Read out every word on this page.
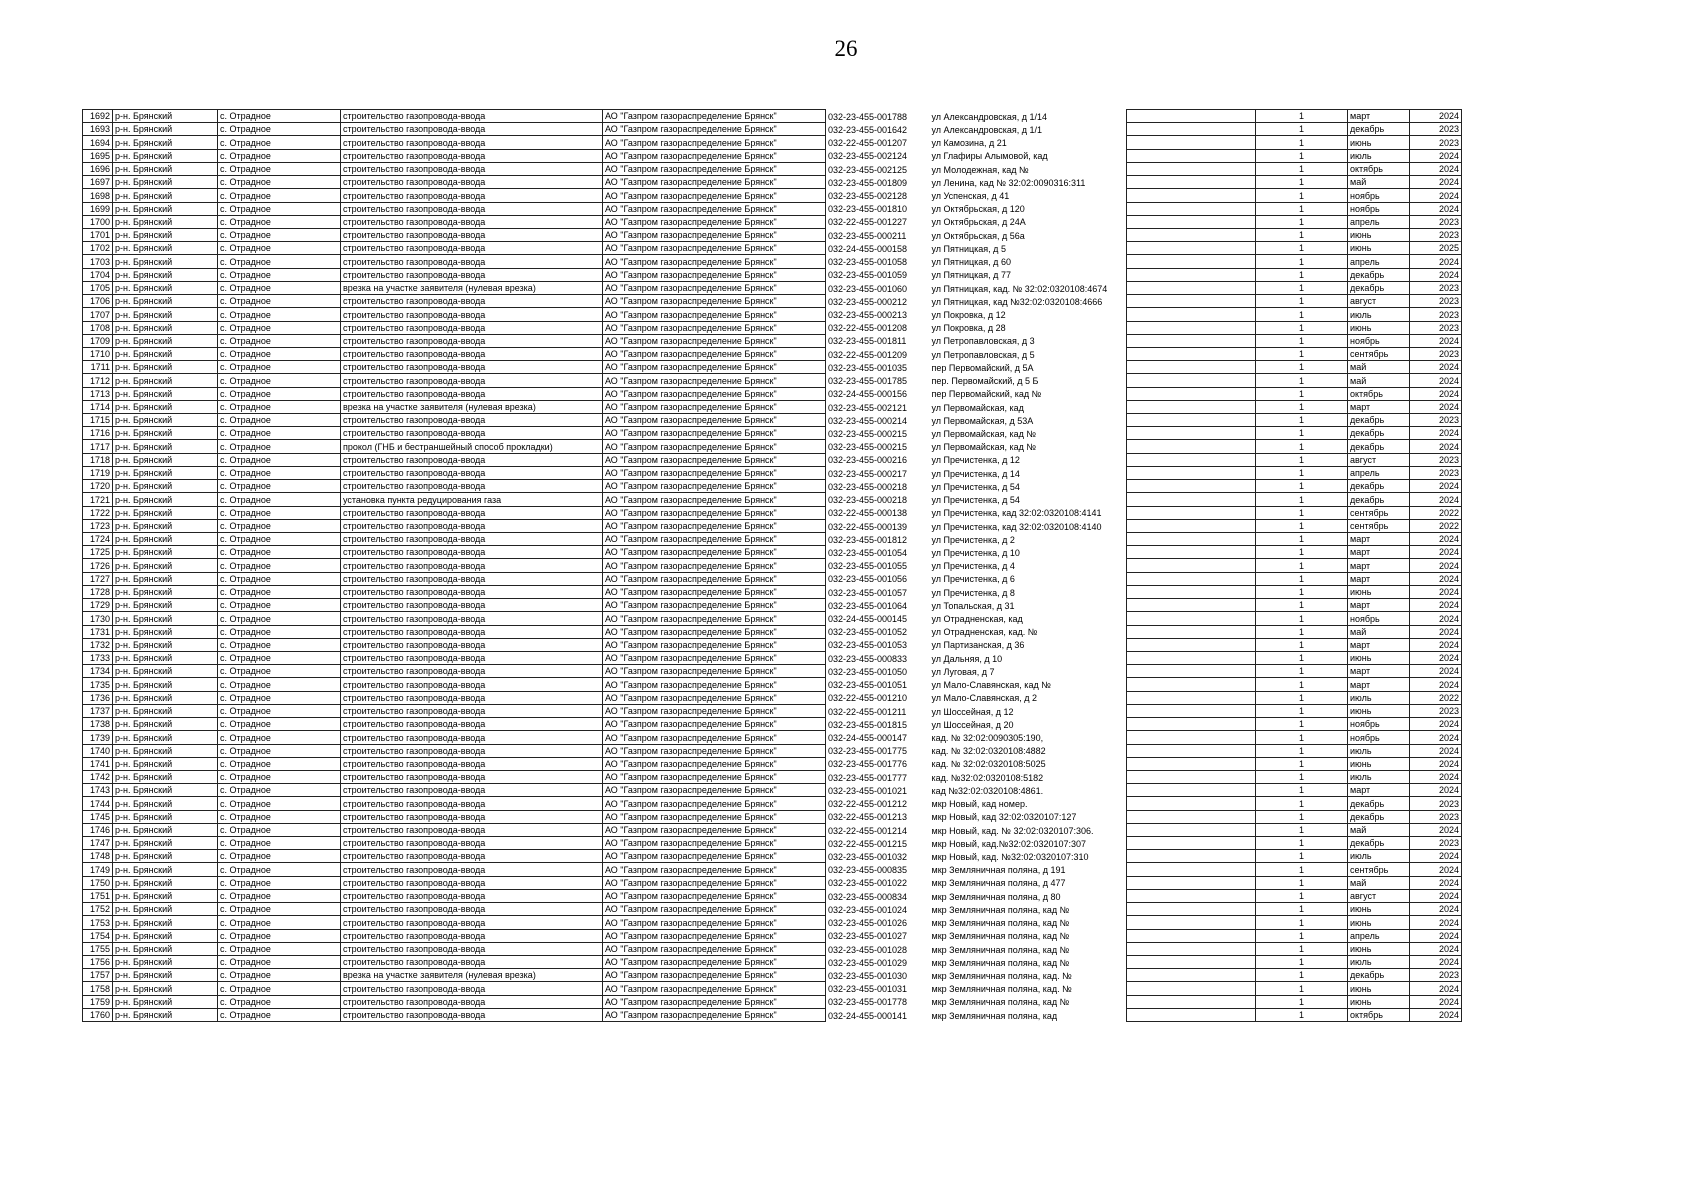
26
1692	р-н. Брянский	с. Отрадное	строительство газопровода-ввода	АО "Газпром газораспределение Брянск"	032-23-455-001788	ул Александровская, д 1/14		1	март	2024
1693	р-н. Брянский	с. Отрадное	строительство газопровода-ввода	АО "Газпром газораспределение Брянск"	032-23-455-001642	ул Александровская, д 1/1		1	декабрь	2023
1694	р-н. Брянский	с. Отрадное	строительство газопровода-ввода	АО "Газпром газораспределение Брянск"	032-22-455-001207	ул Камозина, д 21		1	июнь	2023
1695	р-н. Брянский	с. Отрадное	строительство газопровода-ввода	АО "Газпром газораспределение Брянск"	032-23-455-002124	ул Глафиры Алымовой, кад		1	июль	2024
1696	р-н. Брянский	с. Отрадное	строительство газопровода-ввода	АО "Газпром газораспределение Брянск"	032-23-455-002125	ул Молодежная, кад №		1	октябрь	2024
1697	р-н. Брянский	с. Отрадное	строительство газопровода-ввода	АО "Газпром газораспределение Брянск"	032-23-455-001809	ул Ленина, кад № 32:02:0090316:311		1	май	2024
1698	р-н. Брянский	с. Отрадное	строительство газопровода-ввода	АО "Газпром газораспределение Брянск"	032-23-455-002128	ул Успенская, д 41		1	ноябрь	2024
1699	р-н. Брянский	с. Отрадное	строительство газопровода-ввода	АО "Газпром газораспределение Брянск"	032-23-455-001810	ул Октябрьская, д 120		1	ноябрь	2024
1700	р-н. Брянский	с. Отрадное	строительство газопровода-ввода	АО "Газпром газораспределение Брянск"	032-22-455-001227	ул Октябрьская, д 24А		1	апрель	2023
1701	р-н. Брянский	с. Отрадное	строительство газопровода-ввода	АО "Газпром газораспределение Брянск"	032-23-455-000211	ул Октябрьская, д 56а		1	июнь	2023
1702	р-н. Брянский	с. Отрадное	строительство газопровода-ввода	АО "Газпром газораспределение Брянск"	032-24-455-000158	ул Пятницкая, д 5		1	июнь	2025
1703	р-н. Брянский	с. Отрадное	строительство газопровода-ввода	АО "Газпром газораспределение Брянск"	032-23-455-001058	ул Пятницкая, д 60		1	апрель	2024
1704	р-н. Брянский	с. Отрадное	строительство газопровода-ввода	АО "Газпром газораспределение Брянск"	032-23-455-001059	ул Пятницкая, д 77		1	декабрь	2024
1705	р-н. Брянский	с. Отрадное	врезка на участке заявителя (нулевая врезка)	АО "Газпром газораспределение Брянск"	032-23-455-001060	ул Пятницкая, кад. № 32:02:0320108:4674		1	декабрь	2023
1706	р-н. Брянский	с. Отрадное	строительство газопровода-ввода	АО "Газпром газораспределение Брянск"	032-23-455-000212	ул Пятницкая, кад №32:02:0320108:4666		1	август	2023
1707	р-н. Брянский	с. Отрадное	строительство газопровода-ввода	АО "Газпром газораспределение Брянск"	032-23-455-000213	ул Покровка, д 12		1	июль	2023
1708	р-н. Брянский	с. Отрадное	строительство газопровода-ввода	АО "Газпром газораспределение Брянск"	032-22-455-001208	ул Покровка, д 28		1	июнь	2023
1709	р-н. Брянский	с. Отрадное	строительство газопровода-ввода	АО "Газпром газораспределение Брянск"	032-23-455-001811	ул Петропавловская, д 3		1	ноябрь	2024
1710	р-н. Брянский	с. Отрадное	строительство газопровода-ввода	АО "Газпром газораспределение Брянск"	032-22-455-001209	ул Петропавловская, д 5		1	сентябрь	2023
1711	р-н. Брянский	с. Отрадное	строительство газопровода-ввода	АО "Газпром газораспределение Брянск"	032-23-455-001035	пер Первомайский, д 5А		1	май	2024
1712	р-н. Брянский	с. Отрадное	строительство газопровода-ввода	АО "Газпром газораспределение Брянск"	032-23-455-001785	пер. Первомайский, д 5 Б		1	май	2024
1713	р-н. Брянский	с. Отрадное	строительство газопровода-ввода	АО "Газпром газораспределение Брянск"	032-24-455-000156	пер Первомайский, кад №		1	октябрь	2024
1714	р-н. Брянский	с. Отрадное	врезка на участке заявителя (нулевая врезка)	АО "Газпром газораспределение Брянск"	032-23-455-002121	ул Первомайская, кад		1	март	2024
1715	р-н. Брянский	с. Отрадное	строительство газопровода-ввода	АО "Газпром газораспределение Брянск"	032-23-455-000214	ул Первомайская, д 53А		1	декабрь	2023
1716	р-н. Брянский	с. Отрадное	строительство газопровода-ввода	АО "Газпром газораспределение Брянск"	032-23-455-000215	ул Первомайская, кад №		1	декабрь	2024
1717	р-н. Брянский	с. Отрадное	прокол (ГНБ и бестраншейный способ прокладки)	АО "Газпром газораспределение Брянск"	032-23-455-000215	ул Первомайская, кад №		1	декабрь	2024
1718	р-н. Брянский	с. Отрадное	строительство газопровода-ввода	АО "Газпром газораспределение Брянск"	032-23-455-000216	ул Пречистенка, д 12		1	август	2023
1719	р-н. Брянский	с. Отрадное	строительство газопровода-ввода	АО "Газпром газораспределение Брянск"	032-23-455-000217	ул Пречистенка, д 14		1	апрель	2023
1720	р-н. Брянский	с. Отрадное	строительство газопровода-ввода	АО "Газпром газораспределение Брянск"	032-23-455-000218	ул Пречистенка, д 54		1	декабрь	2024
1721	р-н. Брянский	с. Отрадное	установка пункта редуцирования газа	АО "Газпром газораспределение Брянск"	032-23-455-000218	ул Пречистенка, д 54		1	декабрь	2024
1722	р-н. Брянский	с. Отрадное	строительство газопровода-ввода	АО "Газпром газораспределение Брянск"	032-22-455-000138	ул Пречистенка, кад 32:02:0320108:4141		1	сентябрь	2022
1723	р-н. Брянский	с. Отрадное	строительство газопровода-ввода	АО "Газпром газораспределение Брянск"	032-22-455-000139	ул Пречистенка, кад 32:02:0320108:4140		1	сентябрь	2022
1724	р-н. Брянский	с. Отрадное	строительство газопровода-ввода	АО "Газпром газораспределение Брянск"	032-23-455-001812	ул Пречистенка, д 2		1	март	2024
1725	р-н. Брянский	с. Отрадное	строительство газопровода-ввода	АО "Газпром газораспределение Брянск"	032-23-455-001054	ул Пречистенка, д 10		1	март	2024
1726	р-н. Брянский	с. Отрадное	строительство газопровода-ввода	АО "Газпром газораспределение Брянск"	032-23-455-001055	ул Пречистенка, д 4		1	март	2024
1727	р-н. Брянский	с. Отрадное	строительство газопровода-ввода	АО "Газпром газораспределение Брянск"	032-23-455-001056	ул Пречистенка, д 6		1	март	2024
1728	р-н. Брянский	с. Отрадное	строительство газопровода-ввода	АО "Газпром газораспределение Брянск"	032-23-455-001057	ул Пречистенка, д 8		1	июнь	2024
1729	р-н. Брянский	с. Отрадное	строительство газопровода-ввода	АО "Газпром газораспределение Брянск"	032-23-455-001064	ул Топальская, д 31		1	март	2024
1730	р-н. Брянский	с. Отрадное	строительство газопровода-ввода	АО "Газпром газораспределение Брянск"	032-24-455-000145	ул Отрадненская, кад		1	ноябрь	2024
1731	р-н. Брянский	с. Отрадное	строительство газопровода-ввода	АО "Газпром газораспределение Брянск"	032-23-455-001052	ул Отрадненская, кад. №		1	май	2024
1732	р-н. Брянский	с. Отрадное	строительство газопровода-ввода	АО "Газпром газораспределение Брянск"	032-23-455-001053	ул Партизанская, д 36		1	март	2024
1733	р-н. Брянский	с. Отрадное	строительство газопровода-ввода	АО "Газпром газораспределение Брянск"	032-23-455-000833	ул Дальняя, д 10		1	июнь	2024
1734	р-н. Брянский	с. Отрадное	строительство газопровода-ввода	АО "Газпром газораспределение Брянск"	032-23-455-001050	ул Луговая, д 7		1	март	2024
1735	р-н. Брянский	с. Отрадное	строительство газопровода-ввода	АО "Газпром газораспределение Брянск"	032-23-455-001051	ул Мало-Славянская, кад №		1	март	2024
1736	р-н. Брянский	с. Отрадное	строительство газопровода-ввода	АО "Газпром газораспределение Брянск"	032-22-455-001210	ул Мало-Славянская, д 2		1	июль	2022
1737	р-н. Брянский	с. Отрадное	строительство газопровода-ввода	АО "Газпром газораспределение Брянск"	032-22-455-001211	ул Шоссейная, д 12		1	июнь	2023
1738	р-н. Брянский	с. Отрадное	строительство газопровода-ввода	АО "Газпром газораспределение Брянск"	032-23-455-001815	ул Шоссейная, д 20		1	ноябрь	2024
1739	р-н. Брянский	с. Отрадное	строительство газопровода-ввода	АО "Газпром газораспределение Брянск"	032-24-455-000147	кад. № 32:02:0090305:190,		1	ноябрь	2024
1740	р-н. Брянский	с. Отрадное	строительство газопровода-ввода	АО "Газпром газораспределение Брянск"	032-23-455-001775	кад. № 32:02:0320108:4882		1	июль	2024
1741	р-н. Брянский	с. Отрадное	строительство газопровода-ввода	АО "Газпром газораспределение Брянск"	032-23-455-001776	кад. № 32:02:0320108:5025		1	июнь	2024
1742	р-н. Брянский	с. Отрадное	строительство газопровода-ввода	АО "Газпром газораспределение Брянск"	032-23-455-001777	кад. №32:02:0320108:5182		1	июль	2024
1743	р-н. Брянский	с. Отрадное	строительство газопровода-ввода	АО "Газпром газораспределение Брянск"	032-23-455-001021	кад №32:02:0320108:4861.		1	март	2024
1744	р-н. Брянский	с. Отрадное	строительство газопровода-ввода	АО "Газпром газораспределение Брянск"	032-22-455-001212	мкр Новый, кад номер.		1	декабрь	2023
1745	р-н. Брянский	с. Отрадное	строительство газопровода-ввода	АО "Газпром газораспределение Брянск"	032-22-455-001213	мкр Новый, кад 32:02:0320107:127		1	декабрь	2023
1746	р-н. Брянский	с. Отрадное	строительство газопровода-ввода	АО "Газпром газораспределение Брянск"	032-22-455-001214	мкр Новый, кад. № 32:02:0320107:306.		1	май	2024
1747	р-н. Брянский	с. Отрадное	строительство газопровода-ввода	АО "Газпром газораспределение Брянск"	032-22-455-001215	мкр Новый, кад.№32:02:0320107:307		1	декабрь	2023
1748	р-н. Брянский	с. Отрадное	строительство газопровода-ввода	АО "Газпром газораспределение Брянск"	032-23-455-001032	мкр Новый, кад. №32:02:0320107:310		1	июль	2024
1749	р-н. Брянский	с. Отрадное	строительство газопровода-ввода	АО "Газпром газораспределение Брянск"	032-23-455-000835	мкр Земляничная поляна, д 191		1	сентябрь	2024
1750	р-н. Брянский	с. Отрадное	строительство газопровода-ввода	АО "Газпром газораспределение Брянск"	032-23-455-001022	мкр Земляничная поляна, д 477		1	май	2024
1751	р-н. Брянский	с. Отрадное	строительство газопровода-ввода	АО "Газпром газораспределение Брянск"	032-23-455-000834	мкр Земляничная поляна, д 80		1	август	2024
1752	р-н. Брянский	с. Отрадное	строительство газопровода-ввода	АО "Газпром газораспределение Брянск"	032-23-455-001024	мкр Земляничная поляна, кад №		1	июнь	2024
1753	р-н. Брянский	с. Отрадное	строительство газопровода-ввода	АО "Газпром газораспределение Брянск"	032-23-455-001026	мкр Земляничная поляна, кад №		1	июнь	2024
1754	р-н. Брянский	с. Отрадное	строительство газопровода-ввода	АО "Газпром газораспределение Брянск"	032-23-455-001027	мкр Земляничная поляна, кад №		1	апрель	2024
1755	р-н. Брянский	с. Отрадное	строительство газопровода-ввода	АО "Газпром газораспределение Брянск"	032-23-455-001028	мкр Земляничная поляна, кад №		1	июнь	2024
1756	р-н. Брянский	с. Отрадное	строительство газопровода-ввода	АО "Газпром газораспределение Брянск"	032-23-455-001029	мкр Земляничная поляна, кад №		1	июль	2024
1757	р-н. Брянский	с. Отрадное	врезка на участке заявителя (нулевая врезка)	АО "Газпром газораспределение Брянск"	032-23-455-001030	мкр Земляничная поляна, кад. №		1	декабрь	2023
1758	р-н. Брянский	с. Отрадное	строительство газопровода-ввода	АО "Газпром газораспределение Брянск"	032-23-455-001031	мкр Земляничная поляна, кад. №		1	июнь	2024
1759	р-н. Брянский	с. Отрадное	строительство газопровода-ввода	АО "Газпром газораспределение Брянск"	032-23-455-001778	мкр Земляничная поляна, кад №		1	июнь	2024
1760	р-н. Брянский	с. Отрадное	строительство газопровода-ввода	АО "Газпром газораспределение Брянск"	032-24-455-000141	мкр Земляничная поляна, кад		1	октябрь	2024
